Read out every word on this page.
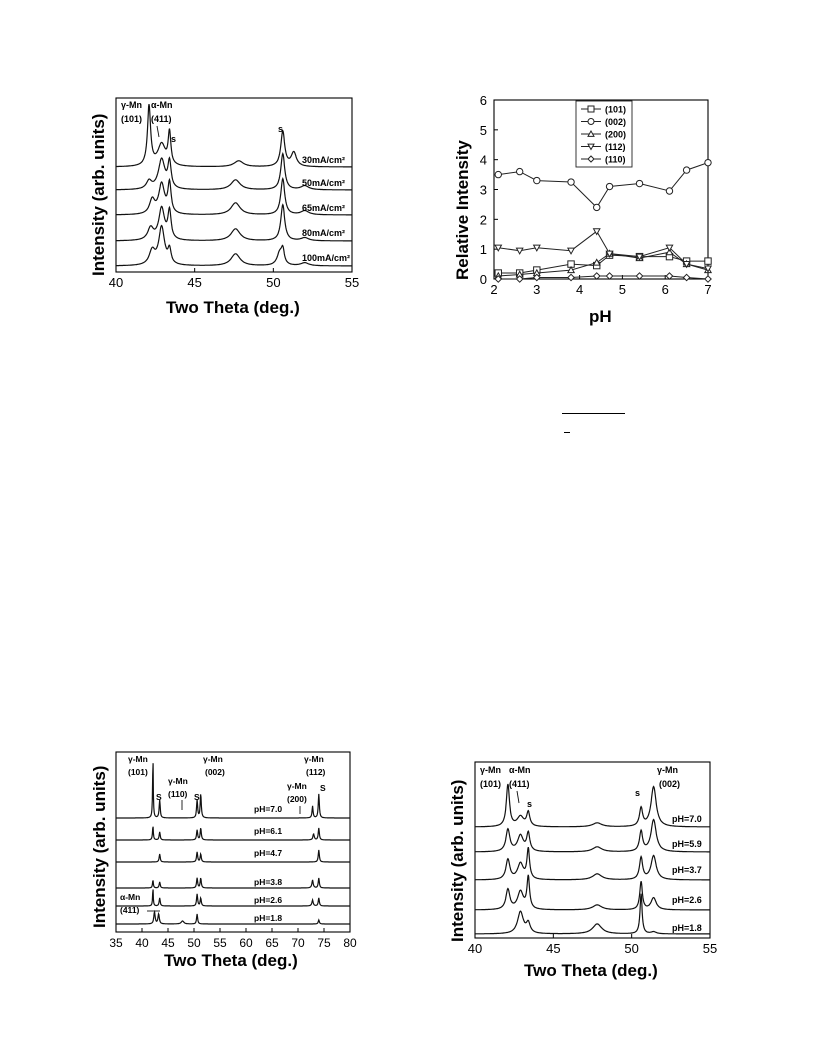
40	45	50	55
Intensity (arb. units)
Two Theta (deg.)
γ-Mn
(101)
α-Mn
(411)
s
s
30mA/cm²
50mA/cm²
65mA/cm²
80mA/cm²
100mA/cm²
0
1
2
3
4
5
6
2	3	4	5	6	7
(101)
(002)
(200)
(112)
(110)
Relative Intensity
pH
35 40 45 50 55 60 65 70 75 80
Intensity (arb. units)
Two Theta (deg.)
γ-Mn
(101)
S
γ-Mn
(110) S
γ-Mn
(002)
γ-Mn
(200)
γ-Mn
(112)
S
α-Mn
(411)
pH=7.0
pH=6.1
pH=4.7
pH=3.8
pH=2.6
pH=1.8
40	45	50	55
Intensity (arb. units)
Two Theta (deg.)
γ-Mn
(101)
α-Mn
(411)
s
s
γ-Mn
(002)
pH=7.0
pH=5.9
pH=3.7
pH=2.6
pH=1.8
